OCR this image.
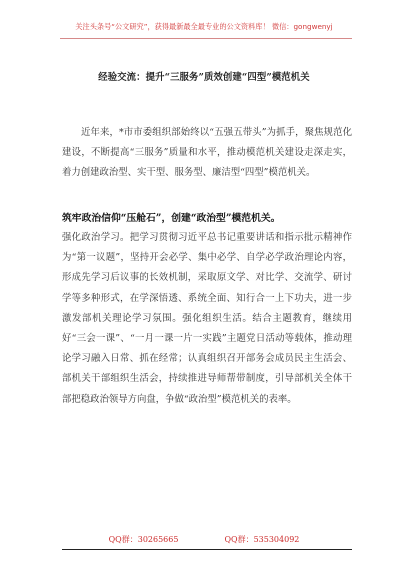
关注头条号“公文研究”，获得最新最全最专业的公文资料库！ 微信：gongwenyj
经验交流：提升“三服务”质效创建“四型”模范机关
近年来，*市市委组织部始终以“五强五带头”为抓手，聚焦规范化建设，不断提高“三服务”质量和水平，推动模范机关建设走深走实，着力创建政治型、实干型、服务型、廉洁型“四型”模范机关。
筑牢政治信仰“压舱石”，创建“政治型”模范机关。
强化政治学习。把学习贯彻习近平总书记重要讲话和指示批示精神作为“第一议题”，坚持开会必学、集中必学、自学必学政治理论内容，形成先学习后议事的长效机制，采取原文学、对比学、交流学、研讨学等多种形式，在学深悟透、系统全面、知行合一上下功夫，进一步激发部机关理论学习氛围。强化组织生活。结合主题教育，继续用好“三会一课”、“一月一课一片一实践”主题党日活动等载体，推动理论学习融入日常、抓在经常；认真组织召开部务会成员民主生活会、部机关干部组织生活会，持续推进导师帮带制度，引导部机关全体干部把稳政治领导方向盘，争做“政治型”模范机关的表率。
QQ群：30265665	QQ群：535304092
